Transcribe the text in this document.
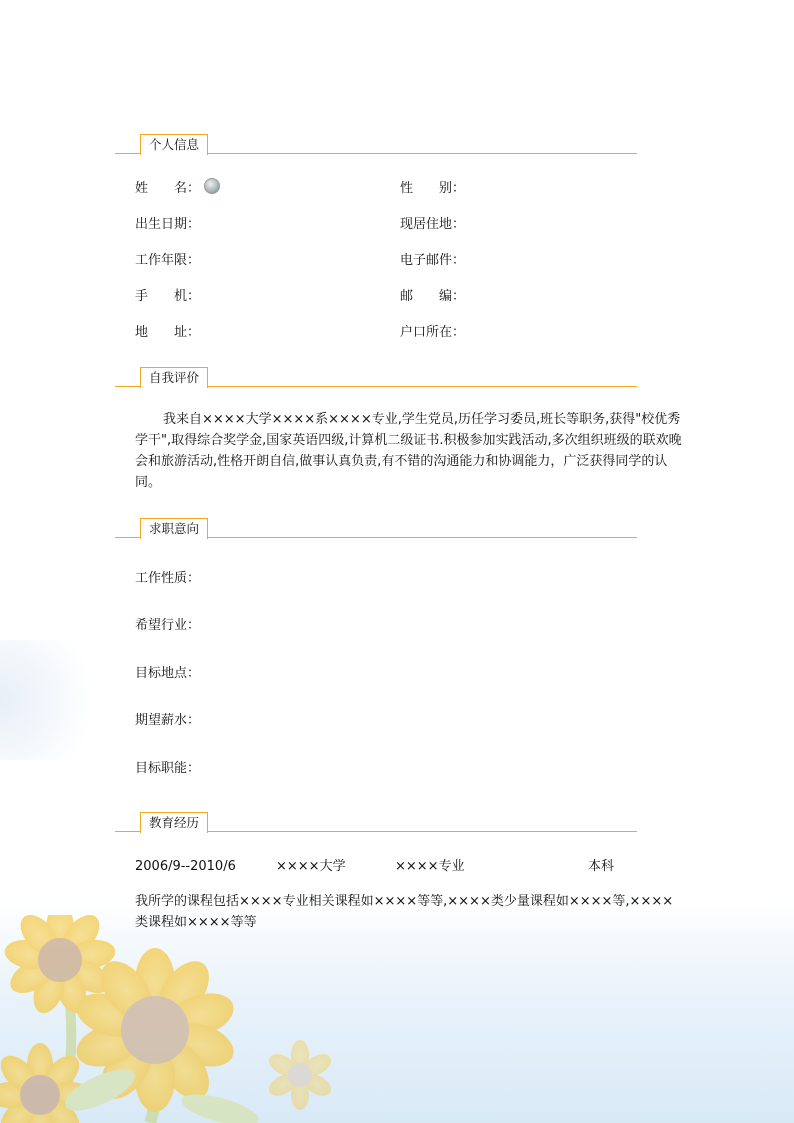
个人信息
姓　　名：	性　　别：
出生日期：	现居住地：
工作年限：	电子邮件：
手　　机：	邮　　编：
地　　址：	户口所在：
自我评价
我来自××××大学××××系××××专业,学生党员,历任学习委员,班长等职务,获得"校优秀学干",取得综合奖学金,国家英语四级,计算机二级证书.积极参加实践活动,多次组织班级的联欢晚会和旅游活动,性格开朗自信,做事认真负责,有不错的沟通能力和协调能力，广泛获得同学的认同。
求职意向
工作性质：
希望行业：
目标地点：
期望薪水：
目标职能：
教育经历
2006/9--2010/6	××××大学	××××专业	本科
我所学的课程包括××××专业相关课程如××××等等,××××类少量课程如××××等,××××类课程如××××等等
